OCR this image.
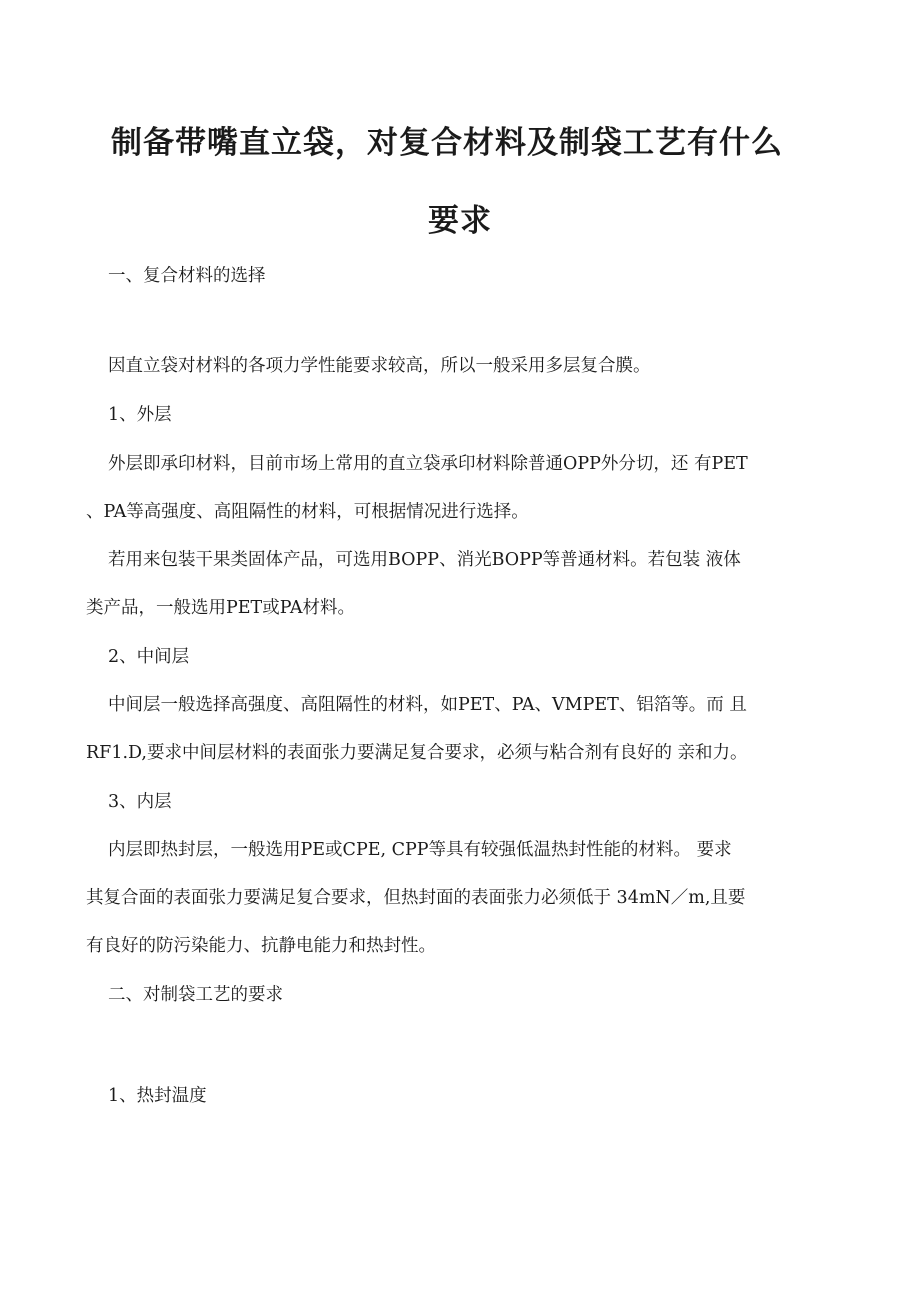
制备带嘴直立袋，对复合材料及制袋工艺有什么
要求

一、复合材料的选择

因直立袋对材料的各项力学性能要求较高，所以一般采用多层复合膜。

1、外层

外层即承印材料，目前市场上常用的直立袋承印材料除普通OPP外分切，还 有PET

、PA等高强度、高阻隔性的材料，可根据情况进行选择。

若用来包装干果类固体产品，可选用BOPP、消光BOPP等普通材料。若包装 液体

类产品，一般选用PET或PA材料。

2、中间层

中间层一般选择高强度、高阻隔性的材料，如PET、PA、VMPET、铝箔等。而 且

RF1.D,要求中间层材料的表面张力要满足复合要求，必须与粘合剂有良好的 亲和力。

3、内层

内层即热封层，一般选用PE或CPE, CPP等具有较强低温热封性能的材料。 要求

其复合面的表面张力要满足复合要求，但热封面的表面张力必须低于 34mN／m,且要

有良好的防污染能力、抗静电能力和热封性。

二、对制袋工艺的要求

1、热封温度
